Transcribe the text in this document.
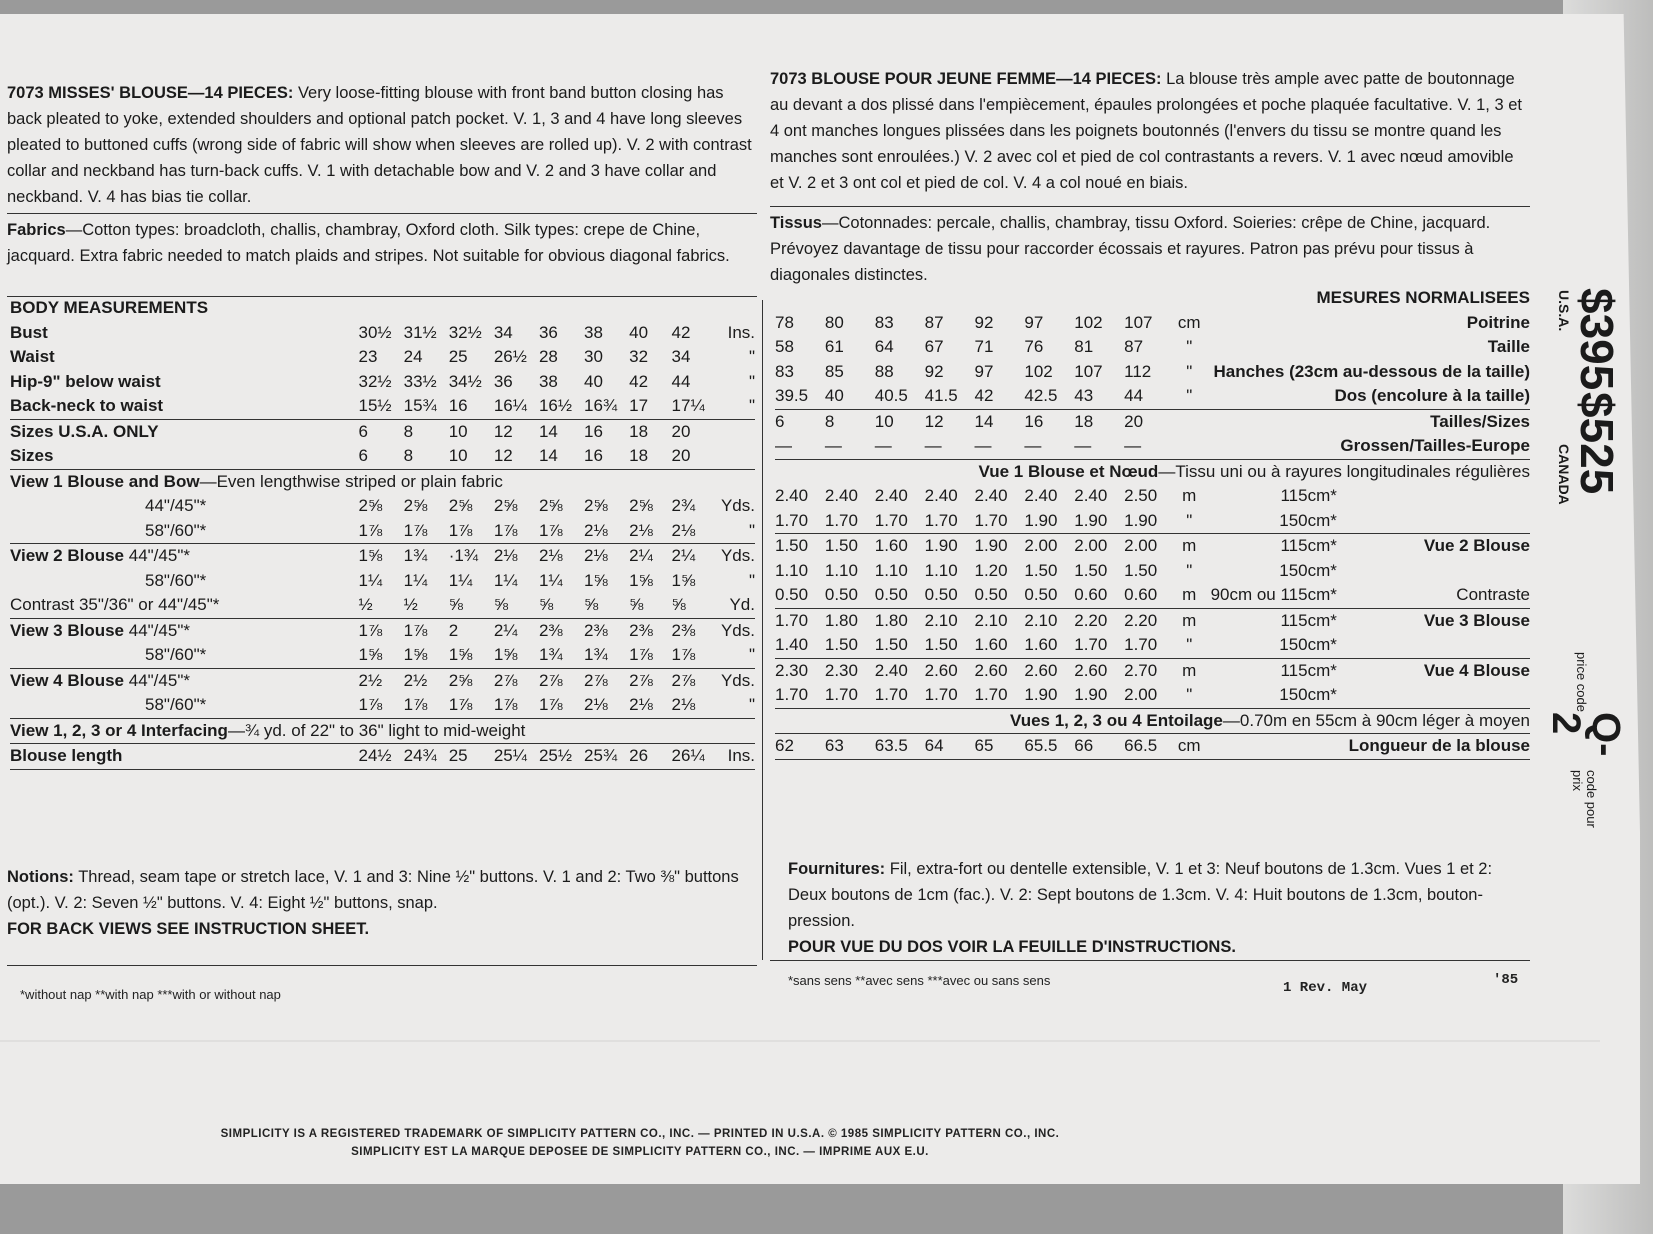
7073 MISSES' BLOUSE—14 PIECES: Very loose-fitting blouse with front band button closing has back pleated to yoke, extended shoulders and optional patch pocket. V. 1, 3 and 4 have long sleeves pleated to buttoned cuffs (wrong side of fabric will show when sleeves are rolled up). V. 2 with contrast collar and neckband has turn-back cuffs. V. 1 with detachable bow and V. 2 and 3 have collar and neckband. V. 4 has bias tie collar.
Fabrics—Cotton types: broadcloth, challis, chambray, Oxford cloth. Silk types: crepe de Chine, jacquard. Extra fabric needed to match plaids and stripes. Not suitable for obvious diagonal fabrics.
7073 BLOUSE POUR JEUNE FEMME—14 PIECES: La blouse très ample avec patte de boutonnage au devant a dos plissé dans l'empiècement, épaules prolongées et poche plaquée facultative. V. 1, 3 et 4 ont manches longues plissées dans les poignets boutonnés (l'envers du tissu se montre quand les manches sont enroulées.) V. 2 avec col et pied de col contrastants a revers. V. 1 avec nœud amovible et V. 2 et 3 ont col et pied de col. V. 4 a col noué en biais.
Tissus—Cotonnades: percale, challis, chambray, tissu Oxford. Soieries: crêpe de Chine, jacquard. Prévoyez davantage de tissu pour raccorder écossais et rayures. Patron pas prévu pour tissus à diagonales distinctes.
BODY MEASUREMENTS									
Bust	30½	31½	32½	34	36	38	40	42	Ins.
Waist	23	24	25	26½	28	30	32	34	"
Hip-9" below waist	32½	33½	34½	36	38	40	42	44	"
Back-neck to waist	15½	15¾	16	16¼	16½	16¾	17	17¼	"
Sizes U.S.A. ONLY	6	8	10	12	14	16	18	20	
Sizes	6	8	10	12	14	16	18	20	
View 1 Blouse and Bow—Even lengthwise striped or plain fabric									
44"/45"*	2⅝	2⅝	2⅝	2⅝	2⅝	2⅝	2⅝	2¾	Yds.
58"/60"*	1⅞	1⅞	1⅞	1⅞	1⅞	2⅛	2⅛	2⅛	"
View 2 Blouse 44"/45"*	1⅝	1¾	·1¾	2⅛	2⅛	2⅛	2¼	2¼	Yds.
58"/60"*	1¼	1¼	1¼	1¼	1¼	1⅝	1⅝	1⅝	"
Contrast 35"/36" or 44"/45"*	½	½	⅝	⅝	⅝	⅝	⅝	⅝	Yd.
View 3 Blouse 44"/45"*	1⅞	1⅞	2	2¼	2⅜	2⅜	2⅜	2⅜	Yds.
58"/60"*	1⅝	1⅝	1⅝	1⅝	1¾	1¾	1⅞	1⅞	"
View 4 Blouse 44"/45"*	2½	2½	2⅝	2⅞	2⅞	2⅞	2⅞	2⅞	Yds.
58"/60"*	1⅞	1⅞	1⅞	1⅞	1⅞	2⅛	2⅛	2⅛	"
View 1, 2, 3 or 4 Interfacing—¾ yd. of 22" to 36" light to mid-weight									
Blouse length	24½	24¾	25	25¼	25½	25¾	26	26¼	Ins.

MESURES NORMALISEES										
78	80	83	87	92	97	102	107	cm	Poitrine	
58	61	64	67	71	76	81	87	"	Taille	
83	85	88	92	97	102	107	112	"	Hanches (23cm au-dessous de la taille)	
39.5	40	40.5	41.5	42	42.5	43	44	"	Dos (encolure à la taille)	
6	8	10	12	14	16	18	20			Tailles/Sizes
—	—	—	—	—	—	—	—			Grossen/Tailles-Europe
Vue 1 Blouse et Nœud—Tissu uni ou à rayures longitudinales régulières										
2.40	2.40	2.40	2.40	2.40	2.40	2.40	2.50	m	115cm*	
1.70	1.70	1.70	1.70	1.70	1.90	1.90	1.90	"	150cm*	
1.50	1.50	1.60	1.90	1.90	2.00	2.00	2.00	m	115cm*	Vue 2 Blouse
1.10	1.10	1.10	1.10	1.20	1.50	1.50	1.50	"	150cm*	
0.50	0.50	0.50	0.50	0.50	0.50	0.60	0.60	m	90cm ou 115cm*	Contraste
1.70	1.80	1.80	2.10	2.10	2.10	2.20	2.20	m	115cm*	Vue 3 Blouse
1.40	1.50	1.50	1.50	1.60	1.60	1.70	1.70	"	150cm*	
2.30	2.30	2.40	2.60	2.60	2.60	2.60	2.70	m	115cm*	Vue 4 Blouse
1.70	1.70	1.70	1.70	1.70	1.90	1.90	2.00	"	150cm*	
Vues 1, 2, 3 ou 4 Entoilage—0.70m en 55cm à 90cm léger à moyen										
62	63	63.5	64	65	65.5	66	66.5	cm		Longueur de la blouse

Notions: Thread, seam tape or stretch lace, V. 1 and 3: Nine ½" buttons. V. 1 and 2: Two ⅜" buttons (opt.). V. 2: Seven ½" buttons. V. 4: Eight ½" buttons, snap.
FOR BACK VIEWS SEE INSTRUCTION SHEET.
*without nap **with nap ***with or without nap
Fournitures: Fil, extra-fort ou dentelle extensible, V. 1 et 3: Neuf boutons de 1.3cm. Vues 1 et 2: Deux boutons de 1cm (fac.). V. 2: Sept boutons de 1.3cm. V. 4: Huit boutons de 1.3cm, bouton-pression.
POUR VUE DU DOS VOIR LA FEUILLE D'INSTRUCTIONS.
*sans sens **avec sens ***avec ou sans sens	1 Rev. May	'85
$395
U.S.A.
$525
CANADA
price code
Q-2
code pour prix
SIMPLICITY IS A REGISTERED TRADEMARK OF SIMPLICITY PATTERN CO., INC. — PRINTED IN U.S.A. © 1985 SIMPLICITY PATTERN CO., INC.
SIMPLICITY EST LA MARQUE DEPOSEE DE SIMPLICITY PATTERN CO., INC. — IMPRIME AUX E.U.
